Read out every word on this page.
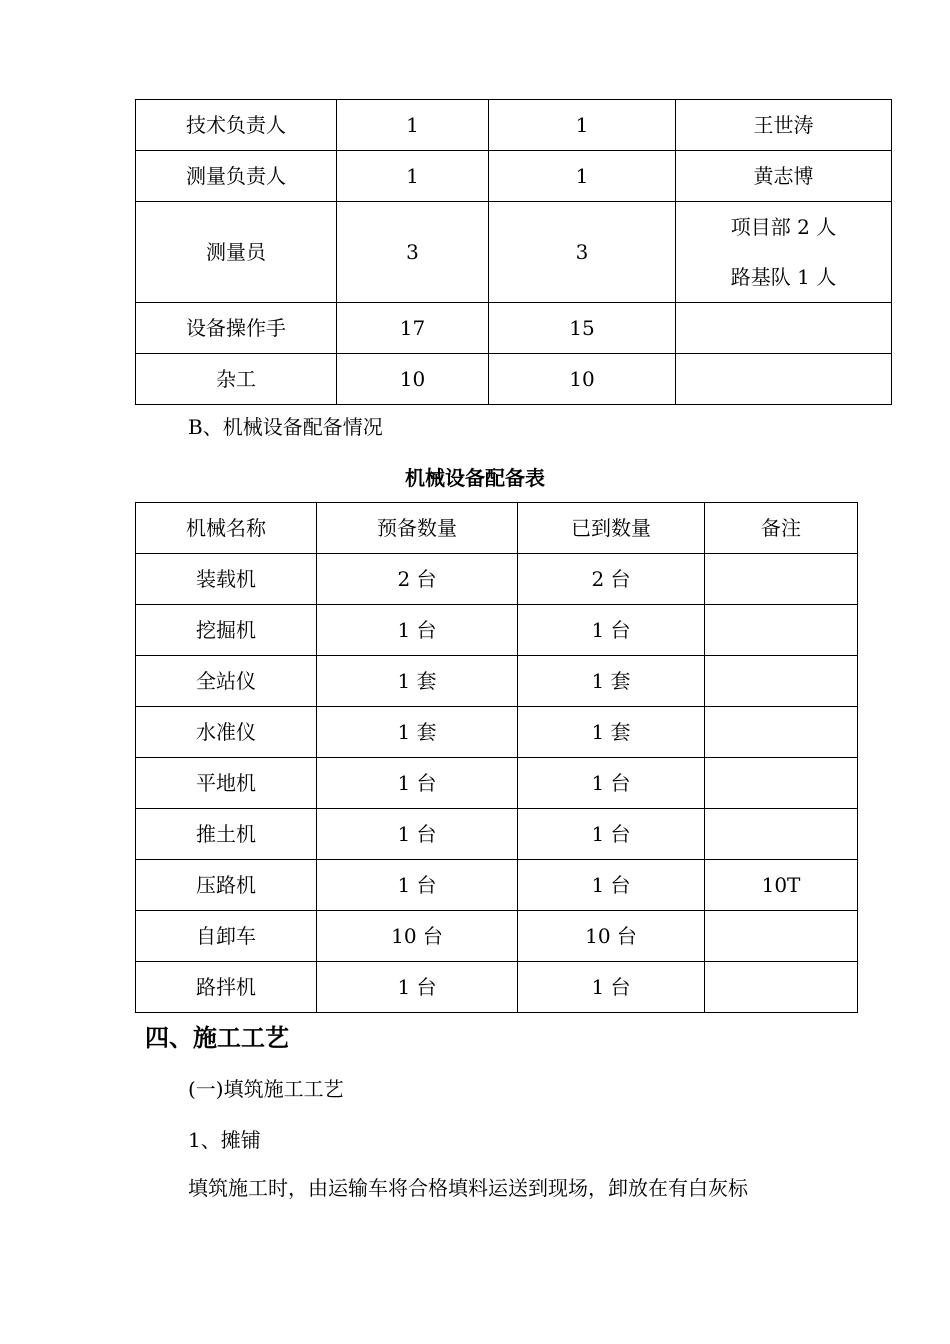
技术负责人	1	1	王世涛
测量负责人	1	1	黄志博
测量员	3	3	项目部 2 人
路基队 1 人

设备操作手	17	15	
杂工	10	10	
B、机械设备配备情况
机械设备配备表
机械名称	预备数量	已到数量	备注
装载机	2 台	2 台	
挖掘机	1 台	1 台	
全站仪	1 套	1 套	
水准仪	1 套	1 套	
平地机	1 台	1 台	
推土机	1 台	1 台	
压路机	1 台	1 台	10T
自卸车	10 台	10 台	
路拌机	1 台	1 台	
四、施工工艺
(一)填筑施工工艺
1、摊铺
填筑施工时，由运输车将合格填料运送到现场，卸放在有白灰标
